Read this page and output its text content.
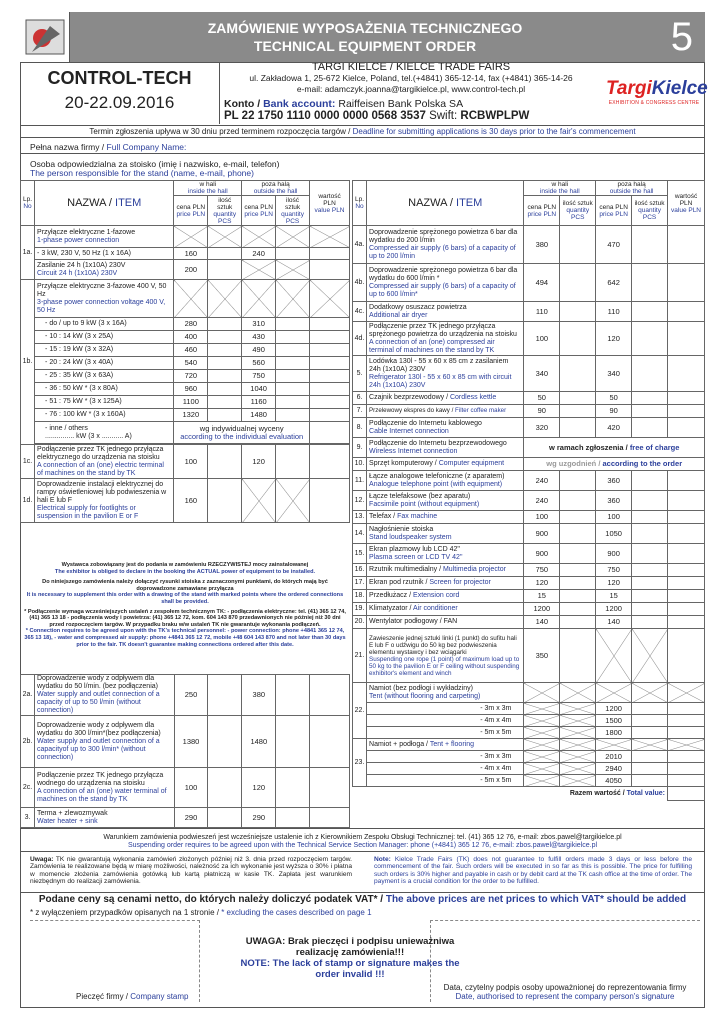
ZAMÓWIENIE WYPOSAŻENIA TECHNICZNEGO
TECHNICAL EQUIPMENT ORDER	5
CONTROL-TECH
20-22.09.2016
TARGI KIELCE / KIELCE TRADE FAIRS
ul. Zakładowa 1, 25-672 Kielce, Poland, tel.(+4841) 365-12-14, fax (+4841) 365-14-26
e-mail: adamczyk.joanna@targikielce.pl, www.control-tech.pl
Konto / Bank account: Raiffeisen Bank Polska SA
PL 22 1750 1110 0000 0000 0568 3537 Swift: RCBWPLPW
TargiKielce
EXHIBITION & CONGRESS CENTRE
Termin zgłoszenia upływa w 30 dniu przed terminem rozpoczęcia targów / Deadline for submitting applications is 30 days prior to the fair's commencement
Pełna nazwa firmy / Full Company Name:
Osoba odpowiedzialna za stoisko (imię i nazwisko, e-mail, telefon)
The person responsible for the stand (name, e-mail, phone)
Lp.
No	NAZWA / ITEM	w hali
inside the hall		poza halą
outside the hall		wartość PLN
value PLN
		cena PLN
price PLN	ilość sztuk
quantity PCS	cena PLN
price PLN	ilość sztuk
quantity PCS	
1a.	Przyłącze elektryczne 1-fazowe
1-phase power connection					
	- 3 kW, 230 V, 50 Hz (1 x 16A)	160		240		
	Zasilanie 24 h (1x10A) 230V
Circuit 24 h (1x10A) 230V	200				
1b.	Przyłącze elektryczne 3-fazowe 400 V, 50 Hz
3-phase power connection voltage 400 V, 50 Hz					
	- do / up to 9 kW (3 x 16A)	280		310		
	- 10 : 14 kW (3 x 25A)	400		430		
	- 15 : 19 kW (3 x 32A)	460		490		
	- 20 : 24 kW (3 x 40A)	540		560		
	- 25 : 35 kW (3 x 63A)	720		750		
	- 36 : 50 kW * (3 x 80A)	960		1040		
	- 51 : 75 kW * (3 x 125A)	1100		1160		
	- 76 : 100 kW * (3 x 160A)	1320		1480		
	- inne / others
............... kW (3 x ........... A)	wg indywidualnej wyceny
according to the individual evaluation				

1c.	Podłączenie przez TK jednego przyłącza elektrycznego do urządzenia na stoisku
A connection of an (one) electric terminal of machines on the stand by TK	100		120		
1d.	Doprowadzenie instalacji elektrycznej do rampy oświetleniowej lub podwieszenia w hali E lub F
Electrical supply for footlights or suspension in the pavilion E or F	160				
Wystawca zobowiązany jest do podania w zamówieniu RZECZYWISTEJ mocy zainstalowanej
The exhibitor is obliged to declare in the booking the ACTUAL power of equipment to be installed.
Do niniejszego zamówienia należy dołączyć rysunki stoiska z zaznaczonymi punktami, do których mają być doprowadzone zamawiane przyłącza
It is necessary to supplement this order with a drawing of the stand with marked points where the ordered connections shall be provided.
* Podłączenie wymaga wcześniejszych ustaleń z zespołem technicznym TK: - podłączenia elektryczne: tel. (41) 365 12 74, (41) 365 13 18 - podłączenia wody i powietrza: (41) 365 12 72, kom. 604 143 870 przedawnionych nie później niż 30 dni przed rozpoczęciem targów. W przypadku braku w/w ustaleń TK nie gwarantuje wykonania podłączeń.
* Connection requires to be agreed upon with the TK's technical personnel: - power connection: phone +4841 365 12 74, 365 13 18), - water and compressed air supply: phone +4841 365 12 72, mobile +48 604 143 870 and not later than 30 days prior to the fair. TK doesn't guarantee making connections ordered after this date.
2a.	Doprowadzenie wody z odpływem dla wydatku do 50 l/min. (bez podłączenia)
Water supply and outlet connection of a capacity of up to 50 l/min (without connection)	250		380		
2b.	Doprowadzenie wody z odpływem dla wydatku do 300 l/min*(bez podłączenia)
Water supply and outlet connection of a capacityof up to 300 l/min* (without connection)	1380		1480		
2c.	Podłączenie przez TK jednego przyłącza wodnego do urządzenia na stoisku
A connection of an (one) water terminal of machines on the stand by TK	100		120		
3.	Terma + zlewozmywak
Water heater + sink	290		290		
Lp.
No	NAZWA / ITEM	w hali
inside the hall		poza halą
outside the hall		wartość PLN
value PLN
		cena PLN
price PLN	ilość sztuk
quantity PCS	cena PLN
price PLN	ilość sztuk
quantity PCS	
4a.	Doprowadzenie sprężonego powietrza 6 bar dla wydatku do 200 l/min
Compressed air supply (6 bars) of a capacity of up to 200 l/min	380		470		
4b.	Doprowadzenie sprężonego powietrza 6 bar dla wydatku do 600 l/min *
Compressed air supply (6 bars) of a capacity of up to 600 l/min*	494		642		
4c.	Dodatkowy osuszacz powietrza
Additional air dryer	110		110		
4d.	Podłączenie przez TK jednego przyłącza sprężonego powietrza do urządzenia na stoisku
A connection of an (one) compressed air terminal of machines on the stand by TK	100		120		
5.	Lodówka 130l - 55 x 60 x 85 cm z zasilaniem 24h (1x10A) 230V
Refrigerator 130l - 55 x 60 x 85 cm with circuit 24h (1x10A) 230V	340		340		
6.	Czajnik bezprzewodowy / Cordless kettle	50		50		
7.	Przelewowy ekspres do kawy / Filter coffee maker	90		90		
8.	Podłączenie do Internetu kablowego
Cable Internet connection	320		420		
9.	Podłączenie do Internetu bezprzewodowego
Wireless Internet connection	w ramach zgłoszenia / free of charge				
10.	Sprzęt komputerowy / Computer equipment	wg uzgodnień / according to the order				
11.	Łącze analogowe telefoniczne (z aparatem)
Analogue telephone point (with equipment)	240		360		
12.	Łącze telefaksowe (bez aparatu)
Facsimile point (without equipment)	240		360		
13.	Telefax / Fax machine	100		100		
14.	Nagłośnienie stoiska
Stand loudspeaker system	900		1050		
15.	Ekran plazmowy lub LCD 42"
Plasma screen or LCD TV 42"	900		900		
16.	Rzutnik multimedialny / Multimedia projector	750		750		
17.	Ekran pod rzutnik / Screen for projector	120		120		
18.	Przedłużacz / Extension cord	15		15		
19.	Klimatyzator / Air conditioner	1200		1200		
20.	Wentylator podłogowy / FAN	140		140		
21.	Zawieszenie jednej sztuki linki (1 punkt) do sufitu hali E lub F o udźwigu do 50 kg bez podwieszenia elementu wystawcy i bez wciągarki
Suspending one rope (1 point) of maximum load up to 50 kg to the pavilion E or F ceiling without suspending exhibitor's element and winch	350				
22.	Namiot (bez podłogi i wykładziny)
Tent (without flooring and carpeting)					
	- 3m x 3m			1200		
	- 4m x 4m			1500		
	- 5m x 5m			1800		
23.	Namiot + podłoga / Tent + flooring					
	- 3m x 3m			2010		
	- 4m x 4m			2940		
	- 5m x 5m			4050		
Razem wartość / Total value:						
Warunkiem zamówienia podwieszeń jest wcześniejsze ustalenie ich z Kierownikiem Zespołu Obsługi Technicznej: tel. (41) 365 12 76, e-mail: zbos.pawel@targikielce.pl
Suspending order requires to be agreed upon with the Technical Service Section Manager: phone (+4841) 365 12 76, e-mail: zbos.pawel@targikielce.pl
Uwaga: TK nie gwarantują wykonania zamówień złożonych później niż 3. dnia przed rozpoczęciem targów. Zamówienia te realizowane będą w miarę możliwości, należność za ich wykonanie jest wyższa o 30% i płatna w momencie złożenia zamówienia gotówką lub kartą płatniczą w kasie TK. Zapłata jest warunkiem niezbędnym do realizacji zamówienia.
Note: Kielce Trade Fairs (TK) does not guarantee to fulfill orders made 3 days or less before the commencement of the fair. Such orders will be executed in so far as this is possible. The price for fulfilling such orders is 30% higher and payable in cash or by debit card at the TK cash office at the time of order. The payment is a crucial condition for the order to be fulfilled.
Podane ceny są cenami netto, do których należy doliczyć podatek VAT* / The above prices are net prices to which VAT* should be added
* z wyłączeniem przypadków opisanych na 1 stronie / * excluding the cases described on page 1
UWAGA: Brak pieczęci i podpisu unieważniwa realizację zamówienia!!!
NOTE: The lack of stamp or signature makes the order invalid !!!
Pieczęć firmy / Company stamp
Data, czytelny podpis osoby upoważnionej do reprezentowania firmy
Date, authorised to represent the company person's signature
